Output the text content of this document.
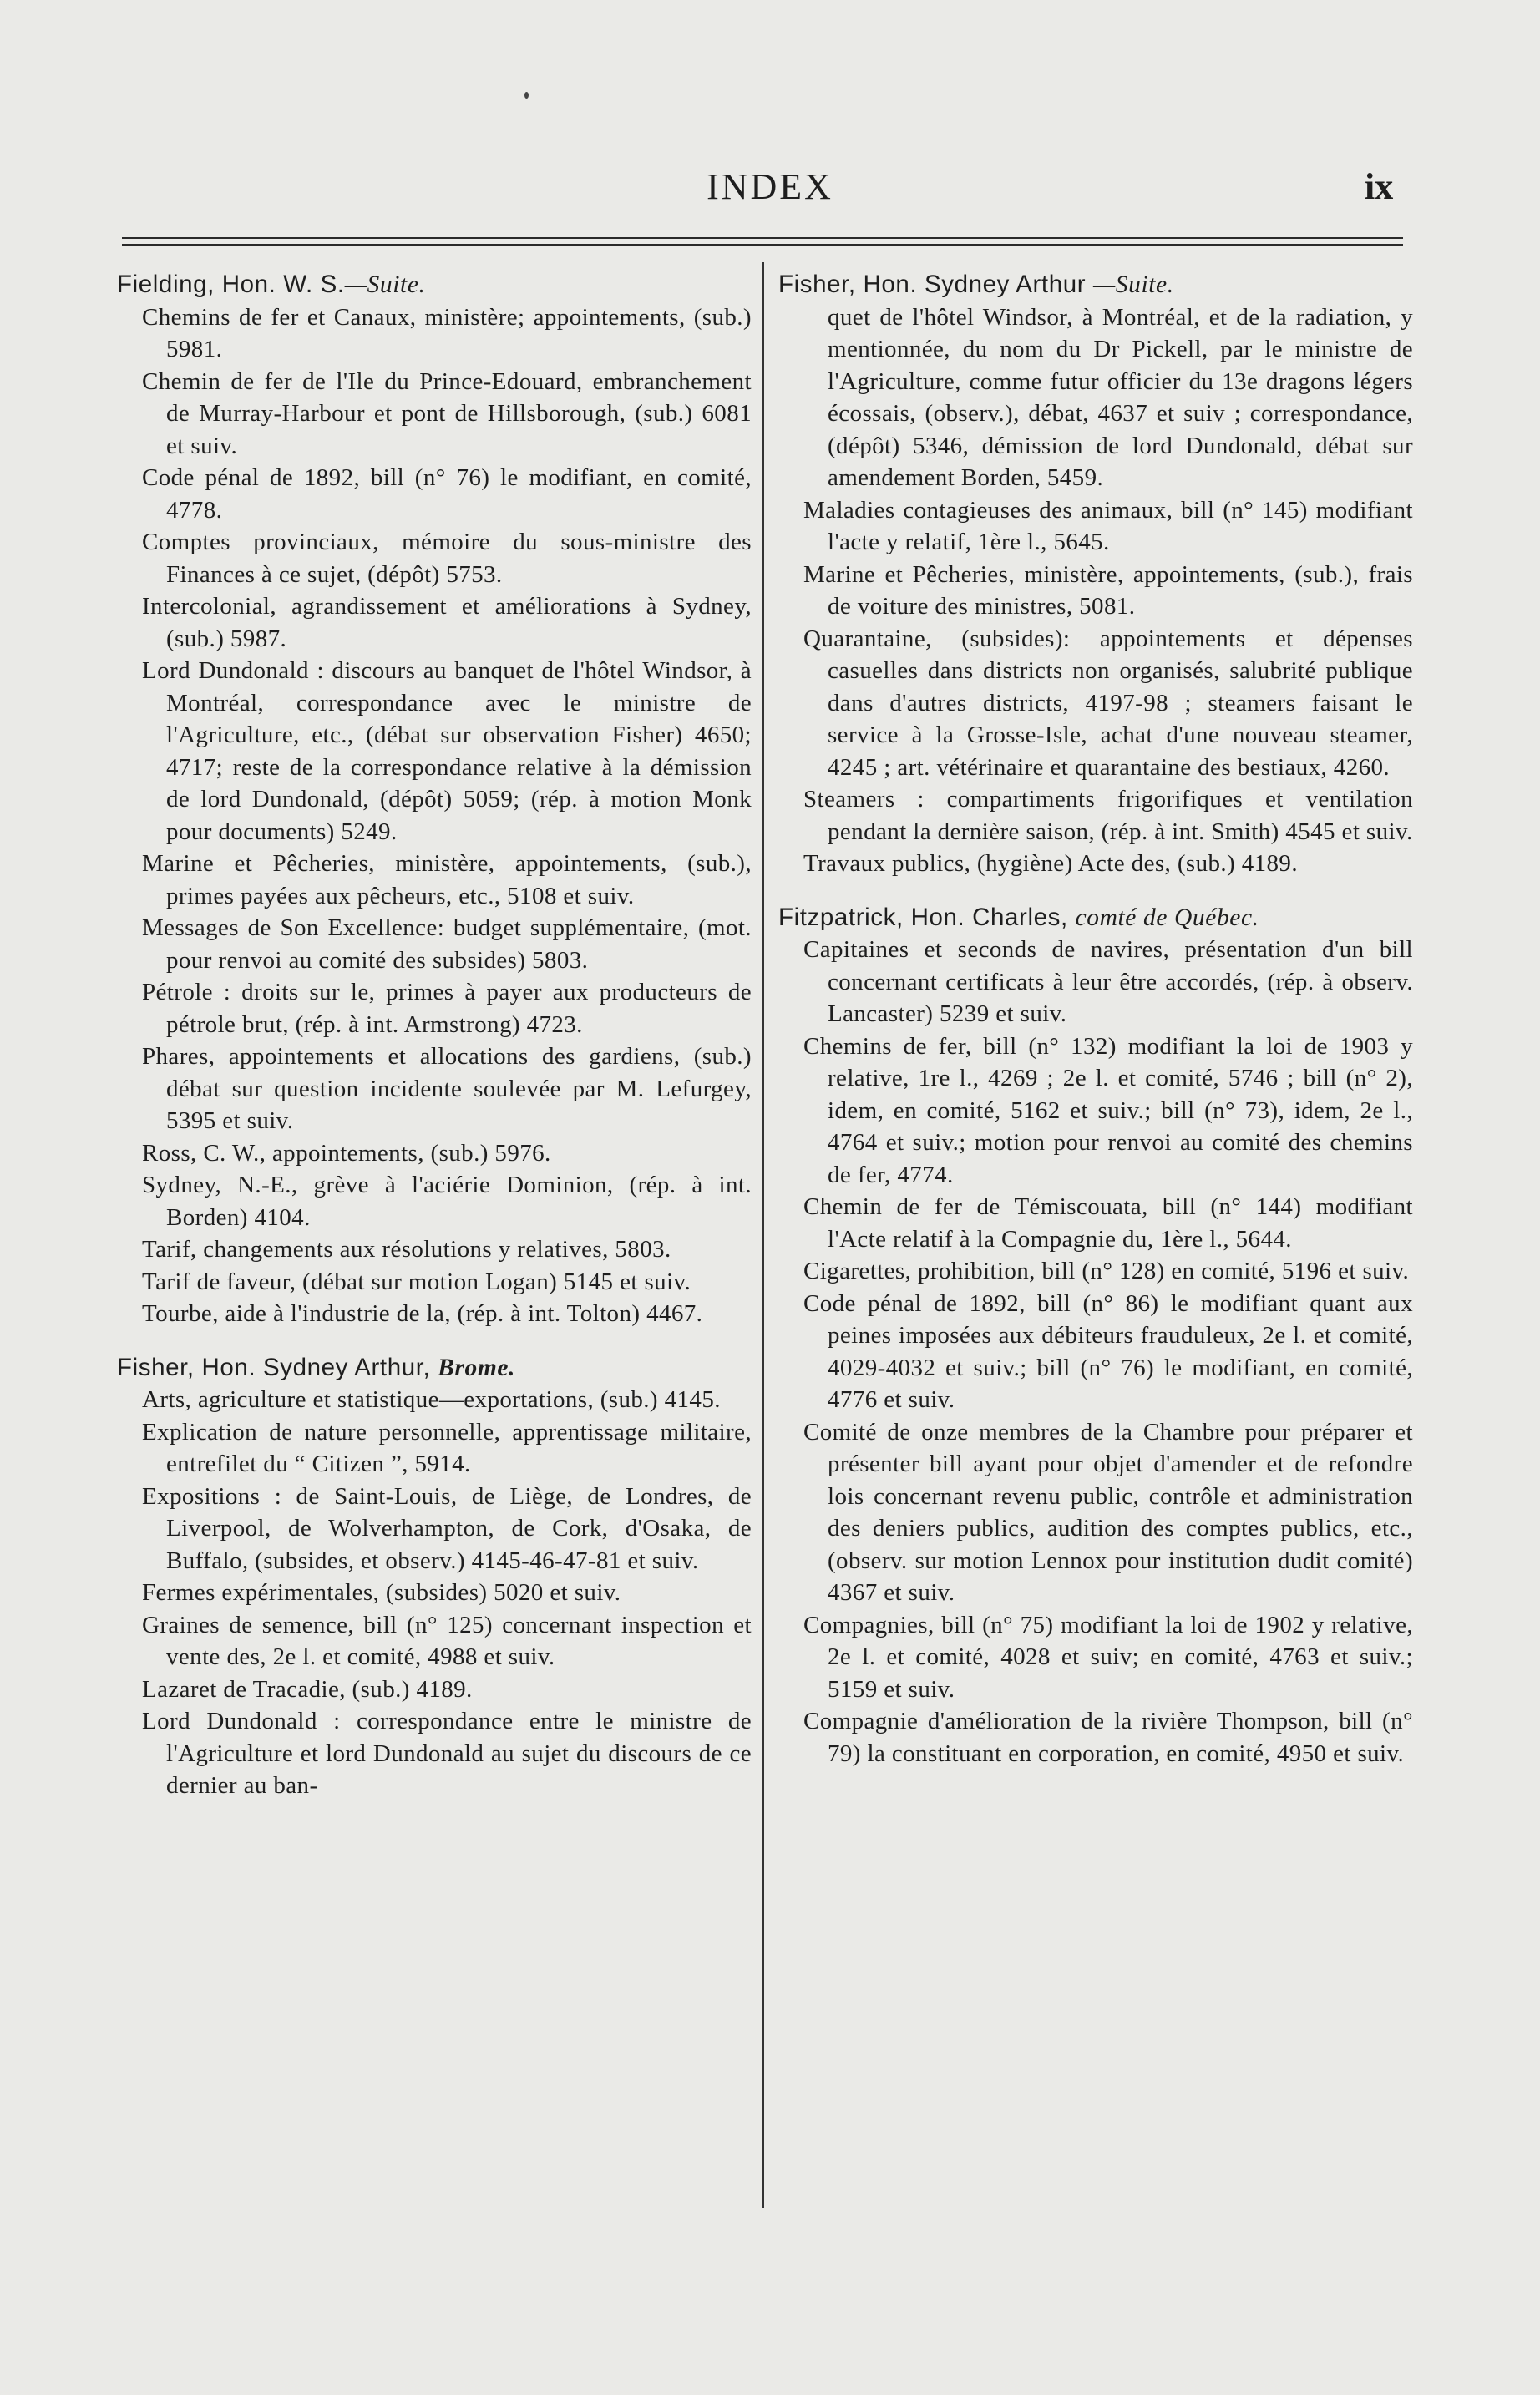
INDEX	ix
Fielding, Hon. W. S.—Suite.
Chemins de fer et Canaux, ministère; appointements, (sub.) 5981.
Chemin de fer de l'Ile du Prince-Edouard, embranchement de Murray-Harbour et pont de Hillsborough, (sub.) 6081 et suiv.
Code pénal de 1892, bill (n° 76) le modifiant, en comité, 4778.
Comptes provinciaux, mémoire du sous-ministre des Finances à ce sujet, (dépôt) 5753.
Intercolonial, agrandissement et améliorations à Sydney, (sub.) 5987.
Lord Dundonald : discours au banquet de l'hôtel Windsor, à Montréal, correspondance avec le ministre de l'Agriculture, etc., (débat sur observation Fisher) 4650; 4717; reste de la correspondance relative à la démission de lord Dundonald, (dépôt) 5059; (rép. à motion Monk pour documents) 5249.
Marine et Pêcheries, ministère, appointements, (sub.), primes payées aux pêcheurs, etc., 5108 et suiv.
Messages de Son Excellence: budget supplémentaire, (mot. pour renvoi au comité des subsides) 5803.
Pétrole : droits sur le, primes à payer aux producteurs de pétrole brut, (rép. à int. Armstrong) 4723.
Phares, appointements et allocations des gardiens, (sub.) débat sur question incidente soulevée par M. Lefurgey, 5395 et suiv.
Ross, C. W., appointements, (sub.) 5976.
Sydney, N.-E., grève à l'aciérie Dominion, (rép. à int. Borden) 4104.
Tarif, changements aux résolutions y relatives, 5803.
Tarif de faveur, (débat sur motion Logan) 5145 et suiv.
Tourbe, aide à l'industrie de la, (rép. à int. Tolton) 4467.
Fisher, Hon. Sydney Arthur, Brome.
Arts, agriculture et statistique—exportations, (sub.) 4145.
Explication de nature personnelle, apprentissage militaire, entrefilet du “ Citizen ”, 5914.
Expositions : de Saint-Louis, de Liège, de Londres, de Liverpool, de Wolverhampton, de Cork, d'Osaka, de Buffalo, (subsides, et observ.) 4145-46-47-81 et suiv.
Fermes expérimentales, (subsides) 5020 et suiv.
Graines de semence, bill (n° 125) concernant inspection et vente des, 2e l. et comité, 4988 et suiv.
Lazaret de Tracadie, (sub.) 4189.
Lord Dundonald : correspondance entre le ministre de l'Agriculture et lord Dundonald au sujet du discours de ce dernier au ban-
Fisher, Hon. Sydney Arthur —Suite.
quet de l'hôtel Windsor, à Montréal, et de la radiation, y mentionnée, du nom du Dr Pickell, par le ministre de l'Agriculture, comme futur officier du 13e dragons légers écossais, (observ.), débat, 4637 et suiv ; correspondance, (dépôt) 5346, démission de lord Dundonald, débat sur amendement Borden, 5459.
Maladies contagieuses des animaux, bill (n° 145) modifiant l'acte y relatif, 1ère l., 5645.
Marine et Pêcheries, ministère, appointements, (sub.), frais de voiture des ministres, 5081.
Quarantaine, (subsides): appointements et dépenses casuelles dans districts non organisés, salubrité publique dans d'autres districts, 4197-98 ; steamers faisant le service à la Grosse-Isle, achat d'une nouveau steamer, 4245 ; art. vétérinaire et quarantaine des bestiaux, 4260.
Steamers : compartiments frigorifiques et ventilation pendant la dernière saison, (rép. à int. Smith) 4545 et suiv.
Travaux publics, (hygiène) Acte des, (sub.) 4189.
Fitzpatrick, Hon. Charles, comté de Québec.
Capitaines et seconds de navires, présentation d'un bill concernant certificats à leur être accordés, (rép. à observ. Lancaster) 5239 et suiv.
Chemins de fer, bill (n° 132) modifiant la loi de 1903 y relative, 1re l., 4269 ; 2e l. et comité, 5746 ; bill (n° 2), idem, en comité, 5162 et suiv.; bill (n° 73), idem, 2e l., 4764 et suiv.; motion pour renvoi au comité des chemins de fer, 4774.
Chemin de fer de Témiscouata, bill (n° 144) modifiant l'Acte relatif à la Compagnie du, 1ère l., 5644.
Cigarettes, prohibition, bill (n° 128) en comité, 5196 et suiv.
Code pénal de 1892, bill (n° 86) le modifiant quant aux peines imposées aux débiteurs frauduleux, 2e l. et comité, 4029-4032 et suiv.; bill (n° 76) le modifiant, en comité, 4776 et suiv.
Comité de onze membres de la Chambre pour préparer et présenter bill ayant pour objet d'amender et de refondre lois concernant revenu public, contrôle et administration des deniers publics, audition des comptes publics, etc., (observ. sur motion Lennox pour institution dudit comité) 4367 et suiv.
Compagnies, bill (n° 75) modifiant la loi de 1902 y relative, 2e l. et comité, 4028 et suiv; en comité, 4763 et suiv.; 5159 et suiv.
Compagnie d'amélioration de la rivière Thompson, bill (n° 79) la constituant en corporation, en comité, 4950 et suiv.
